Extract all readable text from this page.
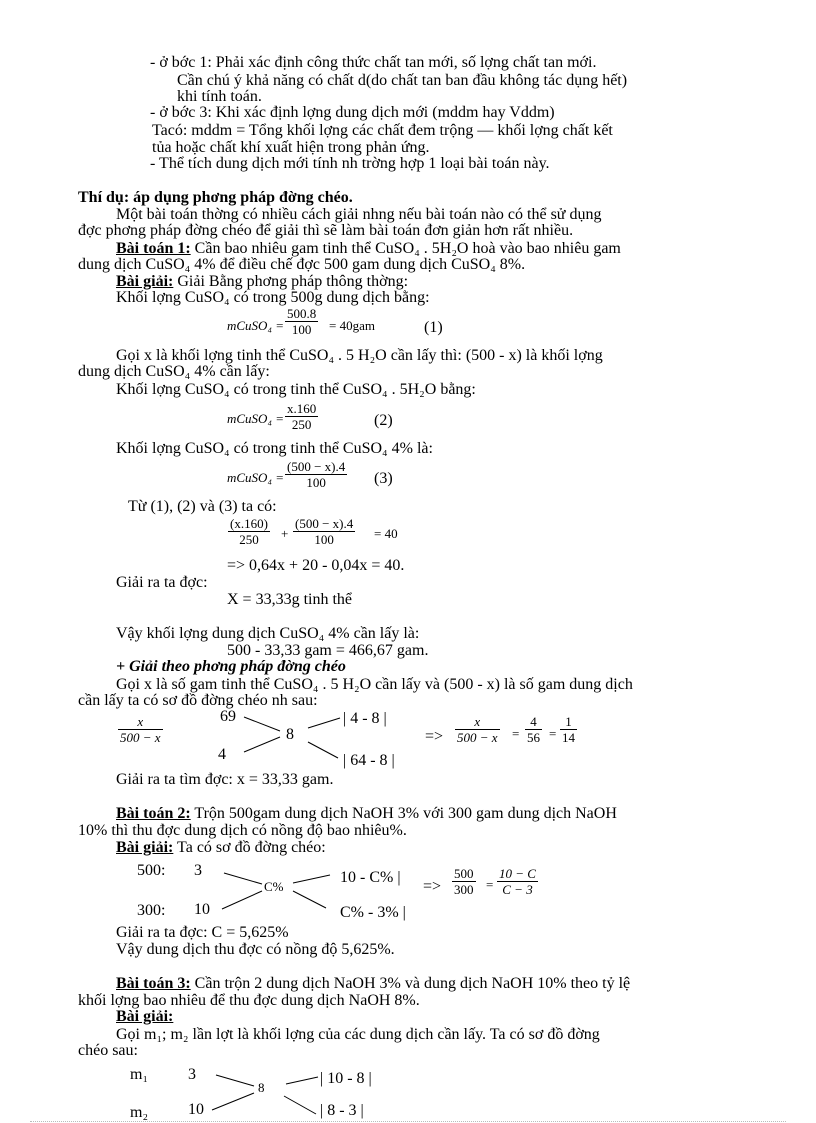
- ở bớc 1: Phải xác định công thức chất tan mới, số lợng chất tan mới.
Cần chú ý khả năng có chất d(do chất tan ban đầu không tác dụng hết)
khi tính toán.
- ở bớc 3: Khi xác định lợng dung dịch mới (mddm hay Vddm)
Tacó: mddm = Tổng khối lợng các chất đem trộng — khối lợng chất kết
tủa hoặc chất khí xuất hiện trong phản ứng.
- Thể tích dung dịch mới tính nh trờng hợp 1 loại bài toán này.
Thí dụ: áp dụng phơng pháp đờng chéo.
Một bài toán thờng có nhiều cách giải nhng nếu bài toán nào có thể sử dụng
đợc phơng pháp đờng chéo để giải thì sẽ làm bài toán đơn giản hơn rất nhiều.
Bài toán 1: Cần bao nhiêu gam tinh thể CuSO₄ . 5H₂O hoà vào bao nhiêu gam
dung dịch CuSO₄ 4% để điều chế đợc 500 gam dung dịch CuSO₄ 8%.
Bài giải: Giải Bằng phơng pháp thông thờng:
Khối lợng CuSO₄ có trong 500g dung dịch bằng:
mCuSO₄ = $\frac{500.8}{100} = 40gam$	(1)
Gọi x là khối lợng tinh thể CuSO₄ . 5 H₂O cần lấy thì: (500 - x) là khối lợng
dung dịch CuSO₄ 4% cần lấy:
Khối lợng CuSO₄ có trong tinh thể CuSO₄ . 5H₂O bằng:
mCuSO₄ = $\frac{x.160}{250}$	(2)
Khối lợng CuSO₄ có trong tinh thể CuSO₄ 4% là:
mCuSO₄ = $\frac{(500 - x).4}{100} (3)$
Từ (1), (2) và (3) ta có:
$\frac{(x.160)}{250} + \frac{(500 - x).4}{100} = 40$
=> 0,64x + 20 - 0,04x = 40.
Giải ra ta đợc:
X = 33,33g tinh thể
Vậy khối lợng dung dịch CuSO₄ 4% cần lấy là:
500 - 33,33 gam = 466,67 gam.
+ Giải theo phơng pháp đờng chéo
Gọi x là số gam tinh thể CuSO₄ . 5 H₂O cần lấy và (500 - x) là số gam dung dịch
cần lấy ta có sơ đồ đờng chéo nh sau:
$\frac{x}{500 - x}$	69
8
4
| 4 - 8 |
| 64 - 8 |
=> $\frac{x}{500 - x} = \frac{4}{56} = \frac{1}{14}$
Giải ra ta tìm đợc: x = 33,33 gam.
Bài toán 2: Trộn 500gam dung dịch NaOH 3% với 300 gam dung dịch NaOH
10% thì thu đợc dung dịch có nồng độ bao nhiêu%.
Bài giải: Ta có sơ đồ đờng chéo:
500: 3
300: 10
C%
10 - C% |
C% - 3% |
=> $\frac{500}{300} = \frac{10 - C}{C - 3}$
Giải ra ta đợc: C = 5,625%
Vậy dung dịch thu đợc có nồng độ 5,625%.
Bài toán 3: Cần trộn 2 dung dịch NaOH 3% và dung dịch NaOH 10% theo tỷ lệ
khối lợng bao nhiêu để thu đợc dung dịch NaOH 8%.
Bài giải:
Gọi m₁; m₂ lần lợt là khối lợng của các dung dịch cần lấy. Ta có sơ đồ đờng
chéo sau:
m₁ 3
m₂ 10
8
| 10 - 8 |
| 8 - 3 |
